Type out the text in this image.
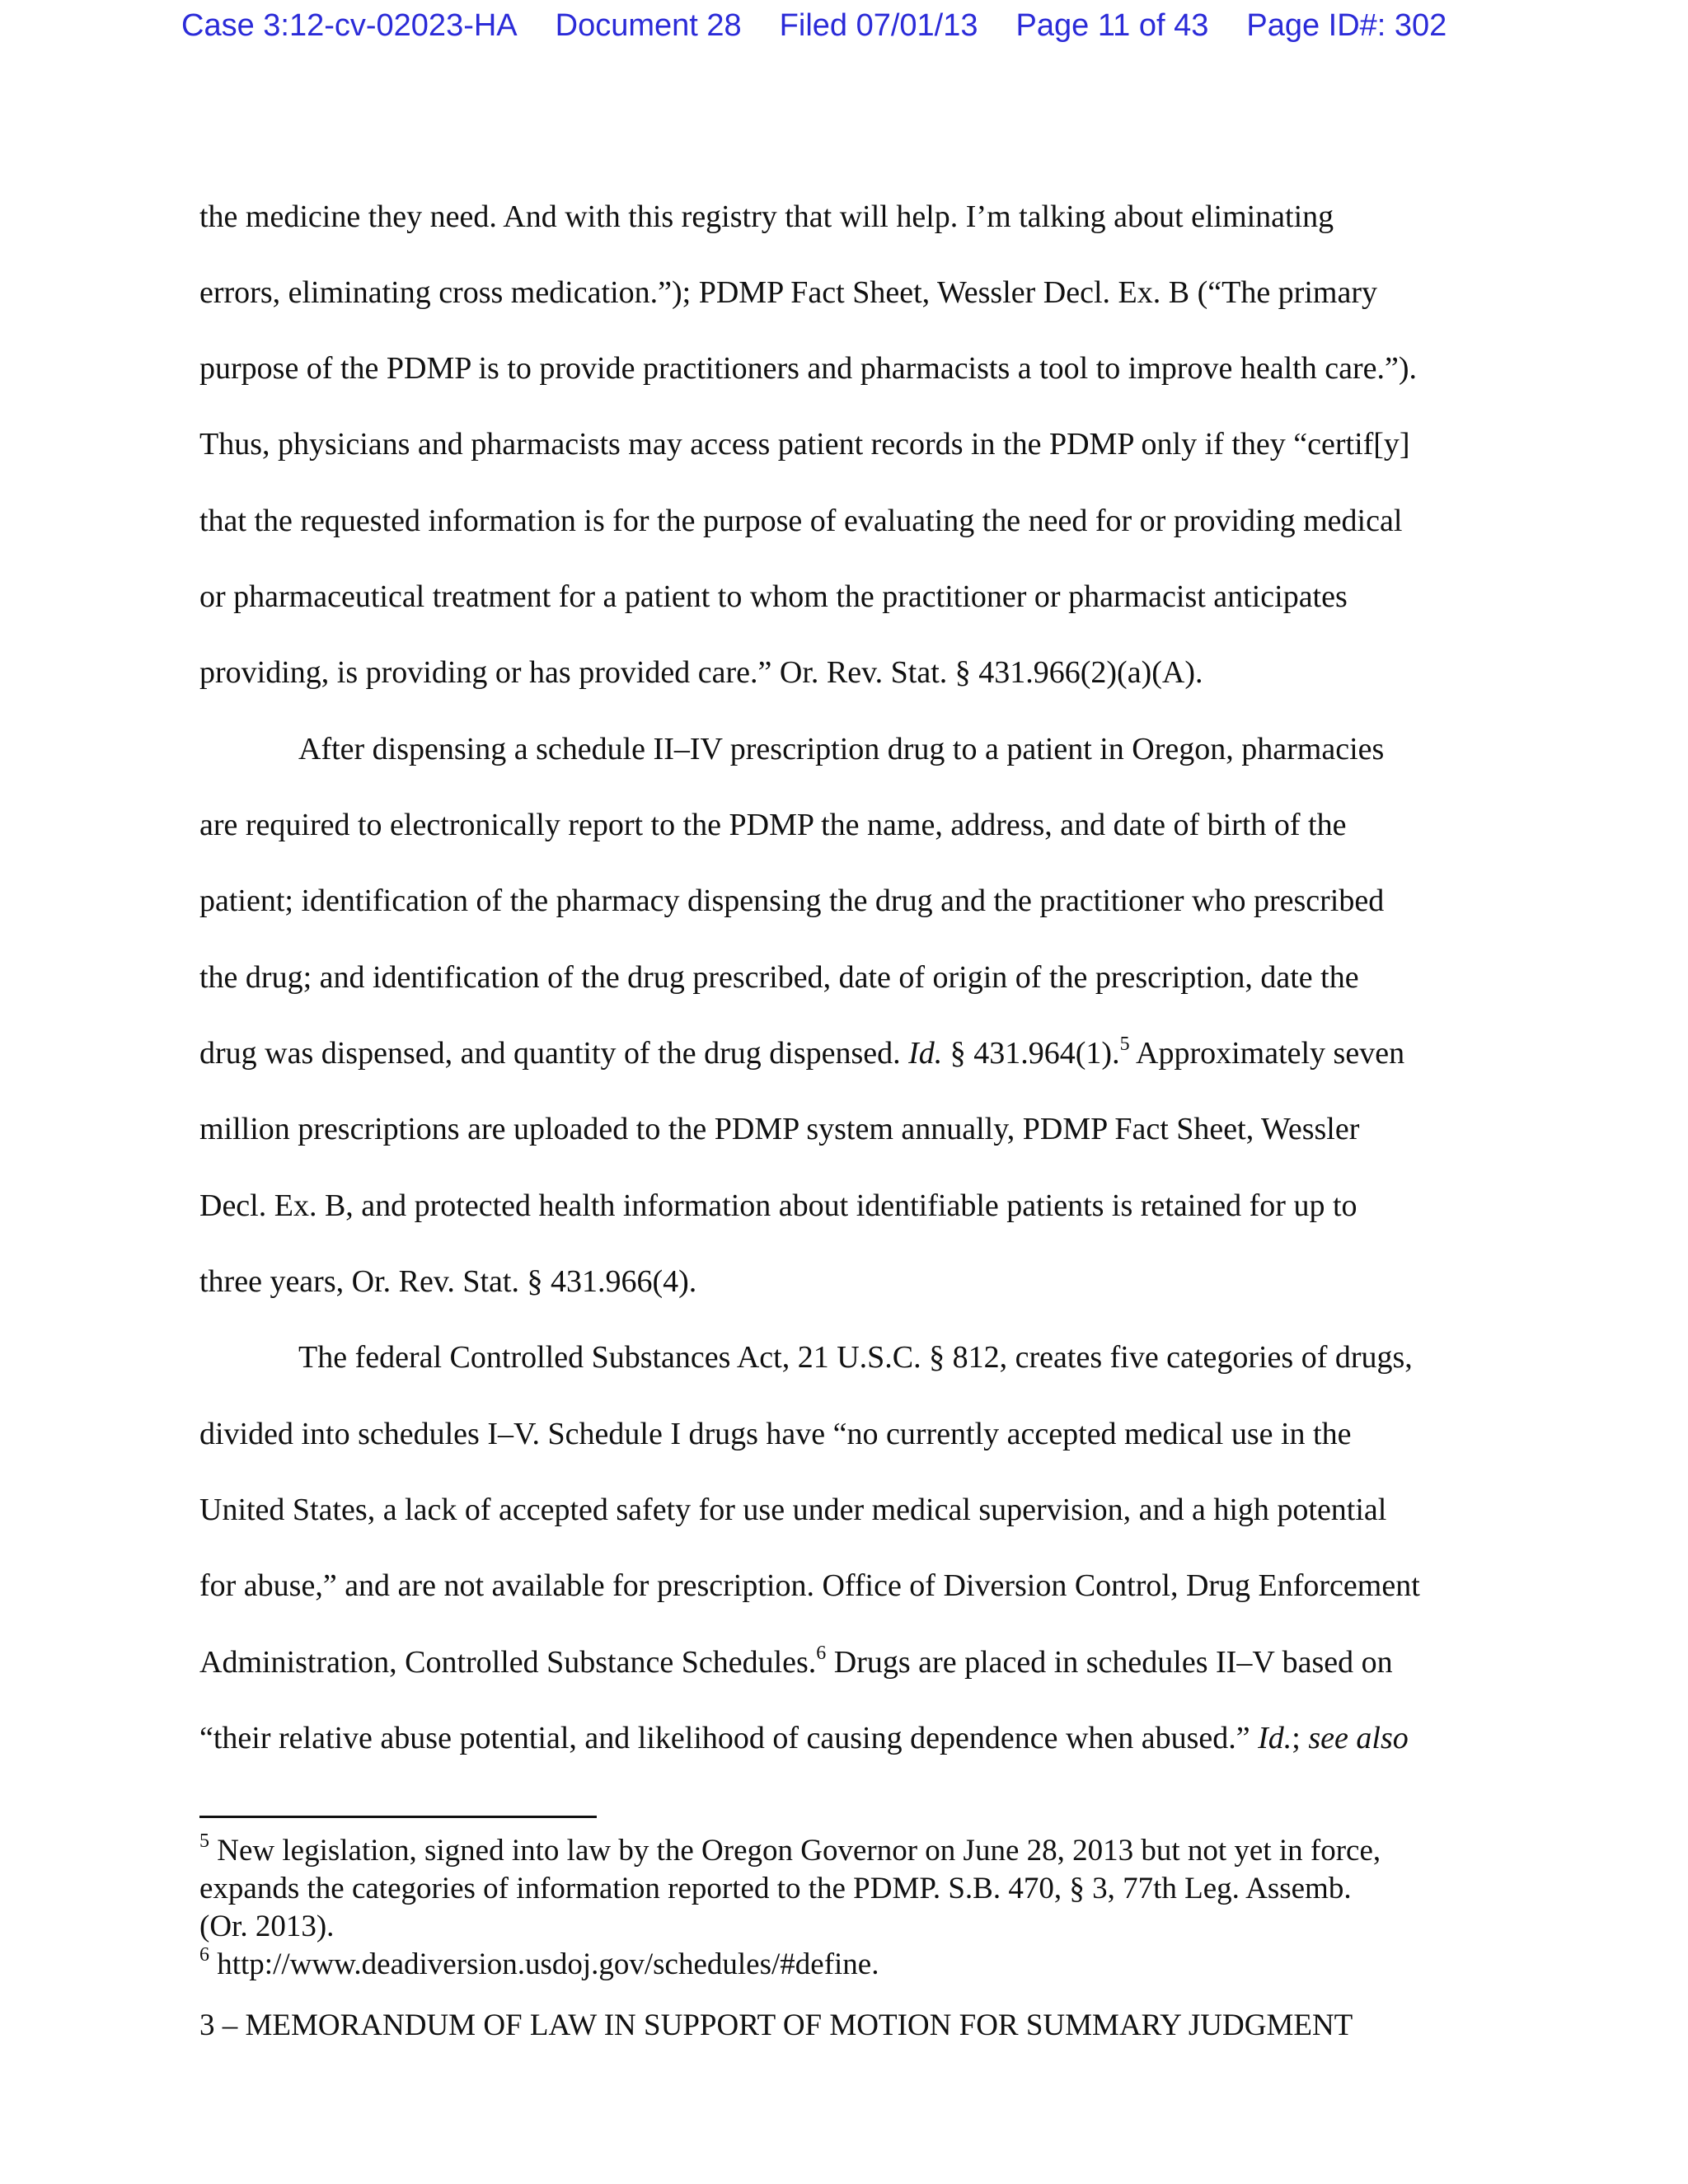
Case 3:12-cv-02023-HA Document 28 Filed 07/01/13 Page 11 of 43 Page ID#: 302
the medicine they need. And with this registry that will help. I’m talking about eliminating
errors, eliminating cross medication.”); PDMP Fact Sheet, Wessler Decl. Ex. B (“The primary
purpose of the PDMP is to provide practitioners and pharmacists a tool to improve health care.”).
Thus, physicians and pharmacists may access patient records in the PDMP only if they “certif[y]
that the requested information is for the purpose of evaluating the need for or providing medical
or pharmaceutical treatment for a patient to whom the practitioner or pharmacist anticipates
providing, is providing or has provided care.” Or. Rev. Stat. § 431.966(2)(a)(A).
After dispensing a schedule II–IV prescription drug to a patient in Oregon, pharmacies
are required to electronically report to the PDMP the name, address, and date of birth of the
patient; identification of the pharmacy dispensing the drug and the practitioner who prescribed
the drug; and identification of the drug prescribed, date of origin of the prescription, date the
drug was dispensed, and quantity of the drug dispensed. Id. § 431.964(1).$^5$ Approximately seven
million prescriptions are uploaded to the PDMP system annually, PDMP Fact Sheet, Wessler
Decl. Ex. B, and protected health information about identifiable patients is retained for up to
three years, Or. Rev. Stat. § 431.966(4).
The federal Controlled Substances Act, 21 U.S.C. § 812, creates five categories of drugs,
divided into schedules I–V. Schedule I drugs have “no currently accepted medical use in the
United States, a lack of accepted safety for use under medical supervision, and a high potential
for abuse,” and are not available for prescription. Office of Diversion Control, Drug Enforcement
Administration, Controlled Substance Schedules.$^6$ Drugs are placed in schedules II–V based on
“their relative abuse potential, and likelihood of causing dependence when abused.” Id.; see also
$^5$ New legislation, signed into law by the Oregon Governor on June 28, 2013 but not yet in force,
expands the categories of information reported to the PDMP. S.B. 470, § 3, 77th Leg. Assemb.
(Or. 2013).
$^6$ http://www.deadiversion.usdoj.gov/schedules/#define.
3 – MEMORANDUM OF LAW IN SUPPORT OF MOTION FOR SUMMARY JUDGMENT
